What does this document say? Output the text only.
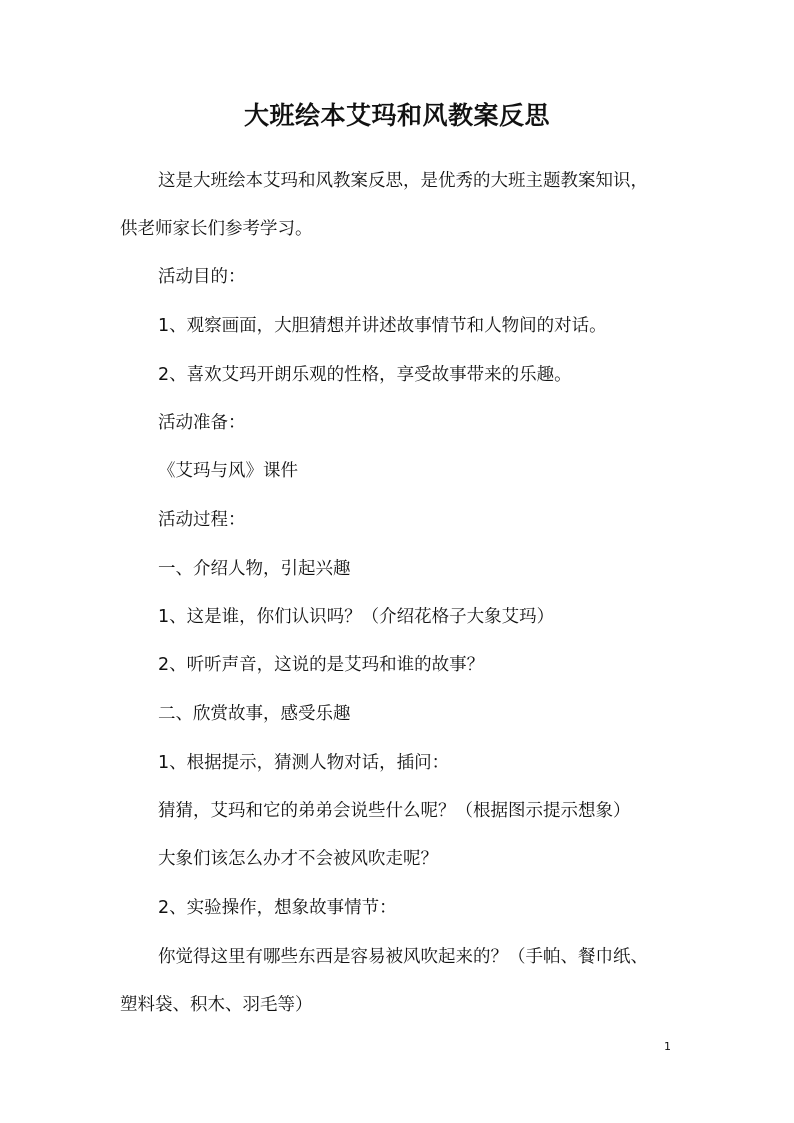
大班绘本艾玛和风教案反思
这是大班绘本艾玛和风教案反思，是优秀的大班主题教案知识，
供老师家长们参考学习。
活动目的：
1、观察画面，大胆猜想并讲述故事情节和人物间的对话。
2、喜欢艾玛开朗乐观的性格，享受故事带来的乐趣。
活动准备：
《艾玛与风》课件
活动过程：
一、介绍人物，引起兴趣
1、这是谁，你们认识吗？（介绍花格子大象艾玛）
2、听听声音，这说的是艾玛和谁的故事？
二、欣赏故事，感受乐趣
1、根据提示，猜测人物对话，插问：
猜猜，艾玛和它的弟弟会说些什么呢？（根据图示提示想象）
大象们该怎么办才不会被风吹走呢？
2、实验操作，想象故事情节：
你觉得这里有哪些东西是容易被风吹起来的？（手帕、餐巾纸、
塑料袋、积木、羽毛等）
1
